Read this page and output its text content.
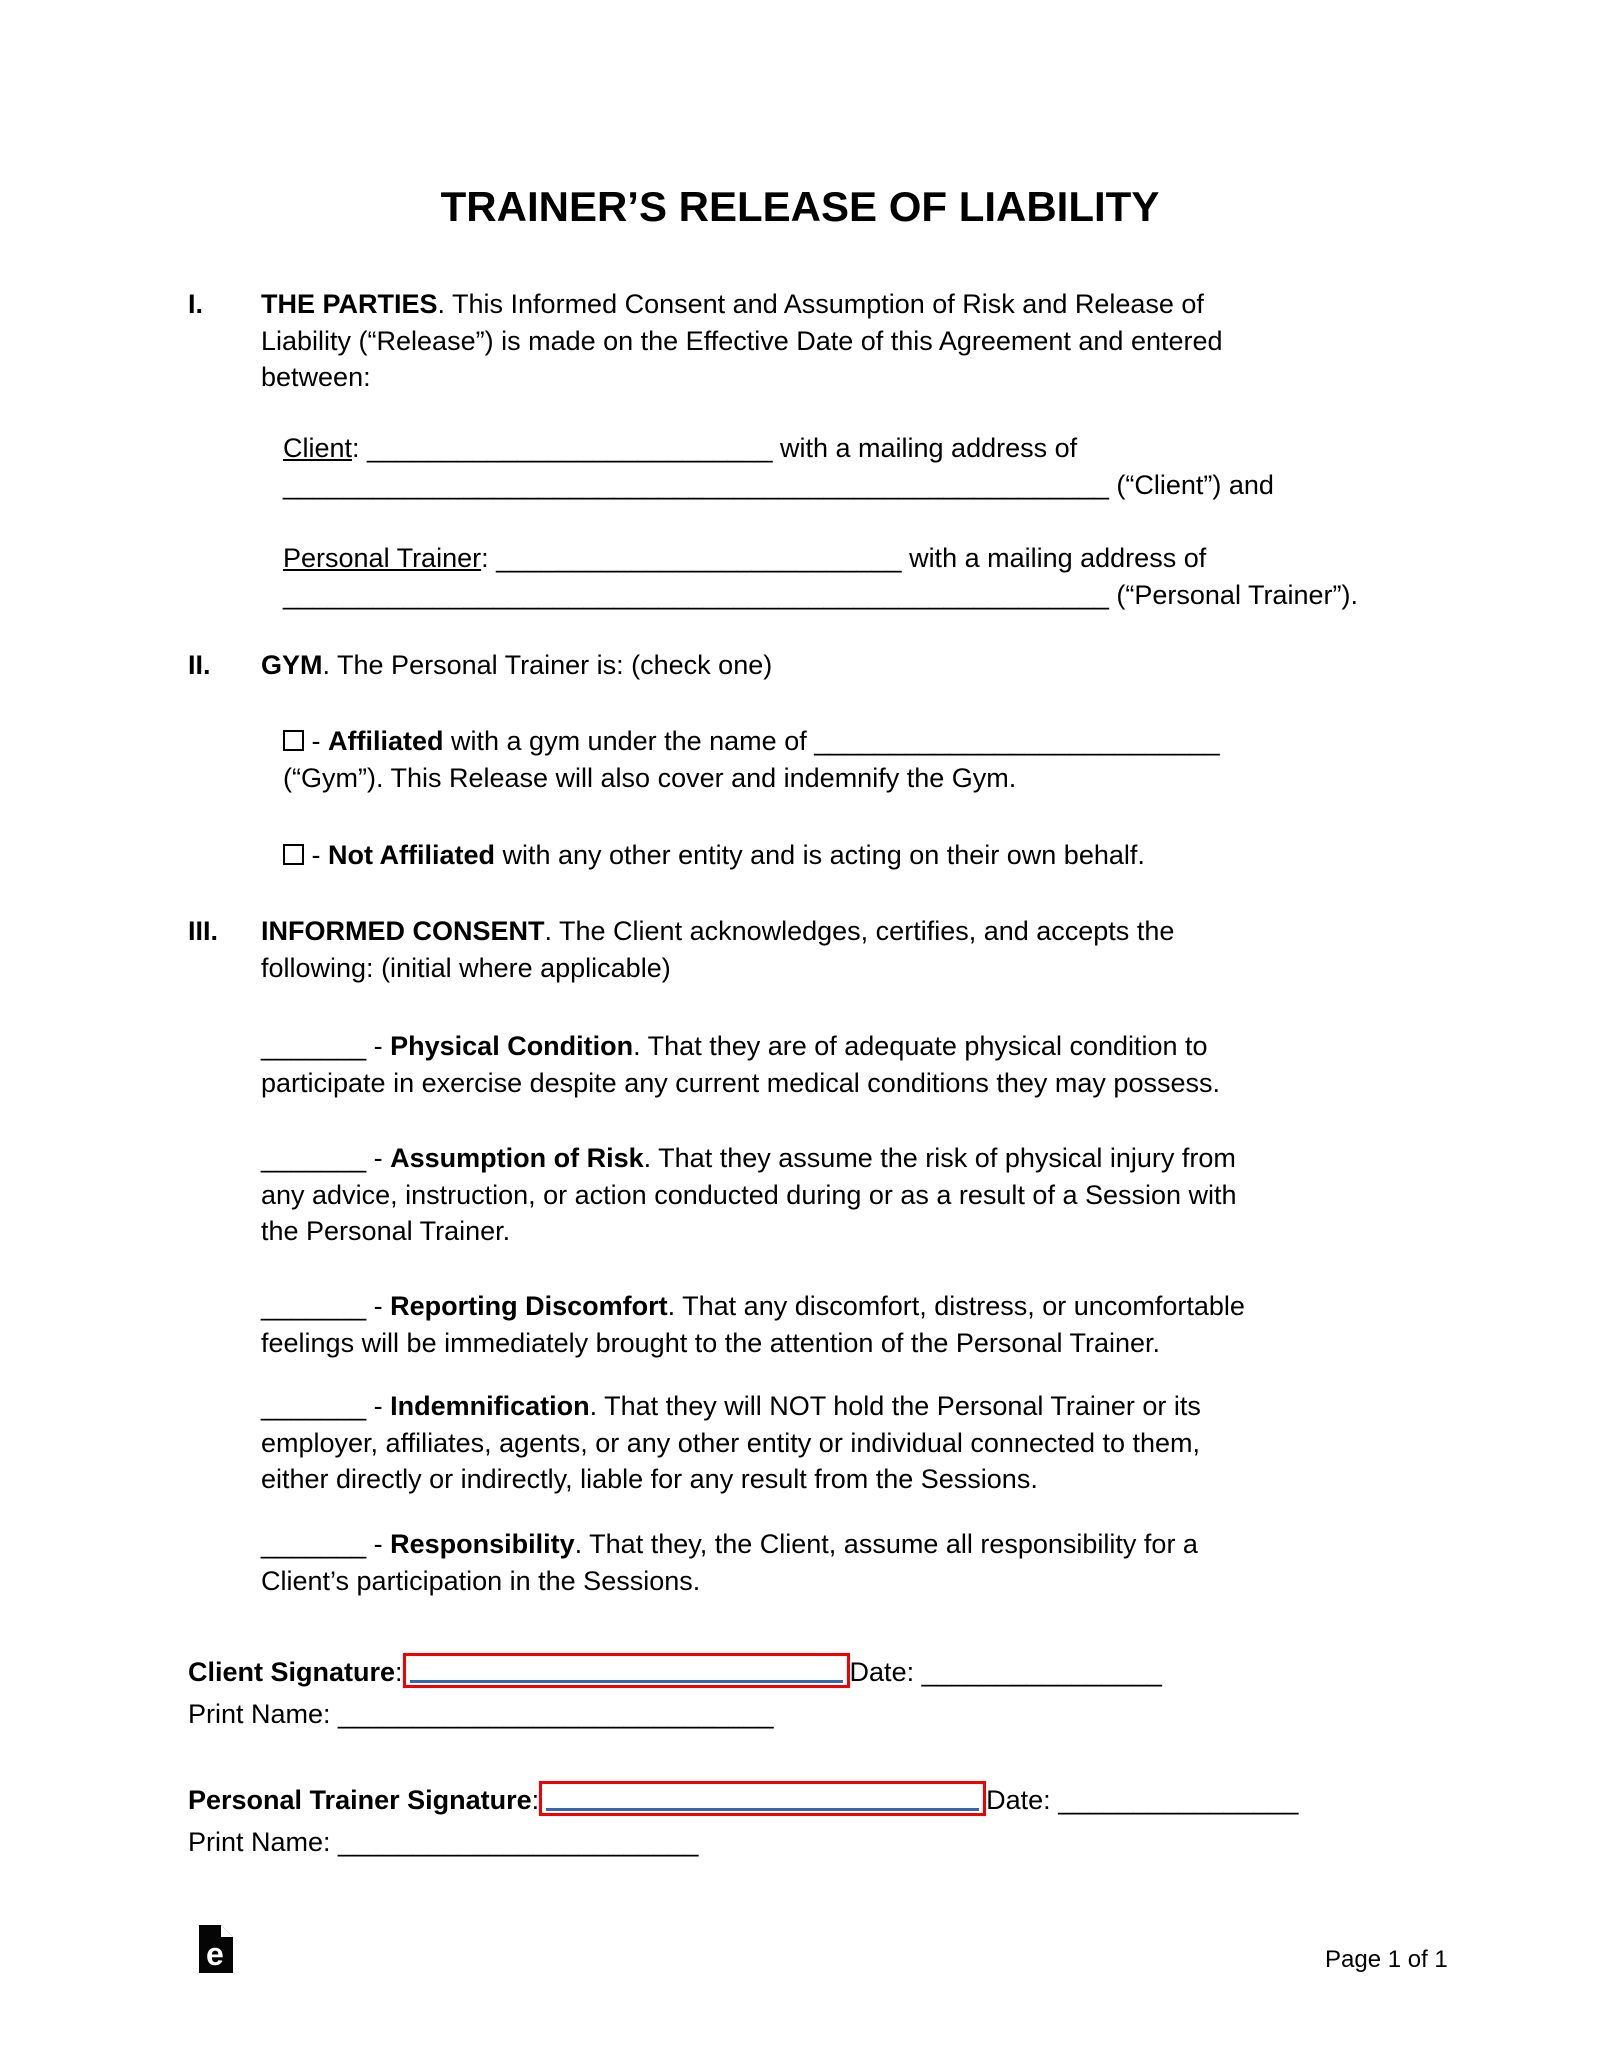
TRAINER’S RELEASE OF LIABILITY
I. THE PARTIES. This Informed Consent and Assumption of Risk and Release of
Liability (“Release”) is made on the Effective Date of this Agreement and entered
between:
Client: ___________________________ with a mailing address of
_______________________________________________________ (“Client”) and
Personal Trainer: ___________________________ with a mailing address of
_______________________________________________________ (“Personal Trainer”).
II. GYM. The Personal Trainer is: (check one)
- Affiliated with a gym under the name of ___________________________
(“Gym”). This Release will also cover and indemnify the Gym.
- Not Affiliated with any other entity and is acting on their own behalf.
III. INFORMED CONSENT. The Client acknowledges, certifies, and accepts the
following: (initial where applicable)
_______ - Physical Condition. That they are of adequate physical condition to
participate in exercise despite any current medical conditions they may possess.
_______ - Assumption of Risk. That they assume the risk of physical injury from
any advice, instruction, or action conducted during or as a result of a Session with
the Personal Trainer.
_______ - Reporting Discomfort. That any discomfort, distress, or uncomfortable
feelings will be immediately brought to the attention of the Personal Trainer.
_______ - Indemnification. That they will NOT hold the Personal Trainer or its
employer, affiliates, agents, or any other entity or individual connected to them,
either directly or indirectly, liable for any result from the Sessions.
_______ - Responsibility. That they, the Client, assume all responsibility for a
Client’s participation in the Sessions.
Client Signature:	Date: ________________
Print Name: _____________________________
Personal Trainer Signature:	Date: ________________
Print Name: ________________________
e	Page 1 of 1
